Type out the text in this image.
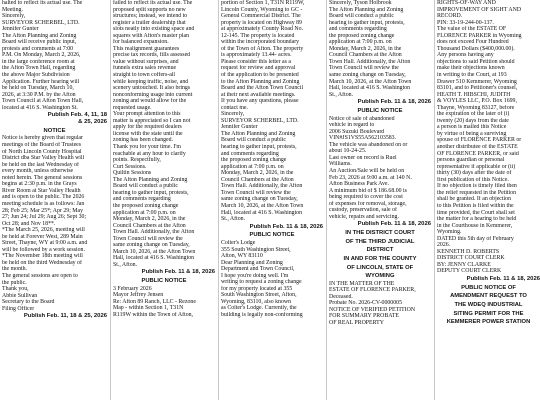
halted to reflect its actual use. The
Meeting.
Sincerely,
SURVEYOR SCHERBEL, LTD.
Jennifer Gunter
The Afton Planning and Zoning
Board will receive public input,
protests and comments at 7:00
P.M. On Monday, March 2, 2026,
in the large conference room at
the Afton Town Hall, regarding
the above Major Subdivision
Application. Further hearing will
be held on Tuesday, March 10,
2026, at 3:30 P.M. by the Afton
Town Council at Afton Town Hall,
located at 416 S. Washington St.
Publish Feb. 4, 11, 18
& 25, 2026
NOTICE
Notice is hereby given that regular
meetings of the Board of Trustees
of North Lincoln County Hospital
District dba Star Valley Health will
be held on the last Wednesday of
every month, unless otherwise
noted herein. The general sessions
begins at 2:30 p.m. in the Grays
River Room at Star Valley Health
and is open to the public. The 2026
meeting schedule is as follows: Jan
28; Feb 25; Mar 25*; Apr 29; May
27; Jun 24; Jul 29; Aug 26; Sept 30;
Oct 28; and Nov 18**.
*The March 25, 2026, meeting will
be held at Forever West, 289 Main
Street, Thayne, WY at 9:00 a.m. and
will be followed by a work session.
*The November 18th meeting will
be held on the third Wednesday of
the month.
The general sessions are open to
the public.
Thank you,
Abbie Sullivan
Secretary to the Board
Filing Officer
Publish Feb. 11, 18 & 25, 2026
failed to reflect its actual use. The
proposed split supports no new
structures; instead, we intend to
register a trailer dealership that
slots neatly into existing space and
squares with Afton's master plan
for balanced expansion.
This realignment guarantees
precise tax records, fills assessed
value without surprises, and
funnels extra sales revenue
straight to town coffers-all
while keeping traffic, noise, and
scenery untouched. It also brings
nonconforming usage into current
zoning and would allow for the
requested usage.
Your prompt attention to this
matter is appreciated so I can not
apply for the required dealers
license with the state until the
zoning has been changed.
Thank you for your time. I'm
reachable at any hour to clarify
points. Respectfully,
Curt Sessions.
Quiltin Sessions
The Afton Planning and Zoning
Board will conduct a public
hearing to gather input, protests,
and comments regarding
the proposed zoning change
application at 7:00 p.m. on
Monday, March 2, 2026, in the
Council Chambers at the Afton
Town Hall. Additionally, the Afton
Town Council will review the
same zoning change on Tuesday,
March 10, 2026, at the Afton Town
Hall, located at 416 S. Washington
St., Afton.
Publish Feb. 11 & 18, 2026
PUBLIC NOTICE
3 February 2026
Mayor Jeffrey Jensen
Re: Afton 89 Ranch, LLC - Rezone
Map - within Section 1, T31N
R119W within the Town of Afton,
portion of Section 1, T31N R119W,
Lincoln County, Wyoming to GC -
General Commercial District. The
property is located on Highway 89
at approximately County Road No.
12-145. The property is located
within the incorporated boundary
of the Town of Afton. The property
is approximately 13.44- acres.
Please consider this letter as a
request for review and approval
of the application to be presented
to the Afton Planning and Zoning
Board and the Afton Town Council
at their next available meetings.
If you have any questions, please
contact me.
Sincerely,
SURVEYOR SCHERBEL, LTD.
Jennifer Gunter
The Afton Planning and Zoning
Board will conduct a public
hearing to gather input, protests,
and comments regarding
the proposed zoning change
application at 7:00 p.m. on
Monday, March 2, 2026, in the
Council Chambers at the Afton
Town Hall. Additionally, the Afton
Town Council will review the
same zoning change on Tuesday,
March 10, 2026, at the Afton Town
Hall, located at 416 S. Washington
St., Afton.
Publish Feb. 11 & 18, 2026
PUBLIC NOTICE
Colter's Lodge
355 South Washington Street,
Afton, WY 83110
Dear Planning and Zoning
Department and Town Council,
I hope you're doing well. I'm
writing to request a zoning change
for my property located at 355
South Washington Street, Afton,
Wyoming, 83110, also known
as Colter's Lodge. Currently, the
building is legally non-conforming
Sincerely, Tyson Holbrook
The Afton Planning and Zoning
Board will conduct a public
hearing to gather input, protests,
and comments regarding
the proposed zoning change
application at 7:00 p.m. on
Monday, March 2, 2026, in the
Council Chambers at the Afton
Town Hall. Additionally, the Afton
Town Council will review the
same zoning change on Tuesday,
March 10, 2026, at the Afton Town
Hall, located at 416 S. Washington
St., Afton.
Publish Feb. 11 & 18, 2026
PUBLIC NOTICE
Notice of sale of abandoned
vehicle in regard to
2006 Suzuki Boulevard
VIN#JS1VS55A562103583.
The vehicle was abandoned on or
about 10-24-25.
Last owner on record is Ruel
Williams.
An Auction/Sale will be held on
Feb 23, 2026 at 9:00 a.m. at 140 N.
Afton Business Park Ave.
A minimum bid of $ 186.68.00 is
being required to cover the cost
of expenses for removal, storage,
custody, preservation, sale of
vehicle, repairs and servicing.
Publish Feb. 11 & 18, 2026
IN THE DISTRICT COURT
OF THE THIRD JUDICIAL
DISTRICT
IN AND FOR THE COUNTY
OF LINCOLN, STATE OF
WYOMING
IN THE MATTER OF THE
ESTATE OF FLORENCE PARKER,
Deceased.
Probate No. 2026-CV-0000005
NOTICE OF VERIFIED PETITION
FOR SUMMARY PROBATE
OF REAL PROPERTY
RIGHTS-OF-WAY AND
IMPROVEMENT OF SIGHT AND
RECORD.
PIN: 33-19-244-00-137.
The value of the ESTATE OF
FLORENCE PARKER in Wyoming
does not exceed Four Hundred
Thousand Dollars ($400,000.00).
Any persons having any
objections to said Petition should
make their objections known
in writing to the Court, at 193
Drawer 510 Kemmerer, Wyoming
83101, and to Petitioner's counsel,
HEATH T. HIBSCHI, JUDITH
& VOYLES LLC, P.O. Box 1699,
Thayne, Wyoming 83127, before
the expiration of the later of (i)
twenty (20) days from the date
a person is mailed this Notice
by virtue of being a surviving
spouse of FLORENCE PARKER or
another distributee of the ESTATE
OF FLORENCE PARKER, or said
persons guardian or personal
representative if applicable or (ii)
thirty (30) days after the date of
first publication of this Notice.
If no objection is timely filed then
the relief requested in the Petition
shall be granted. If an objection
to this Petition is filed within the
time provided, the Court shall set
the matter for a hearing to be held
in the Courthouse in Kemmerer,
Wyoming.
DATED this 5th day of February
2026.
KENNETH D. ROBERTS
DISTRICT COURT CLERK
BY: JENNY CLARKE
DEPUTY COURT CLERK
Publish Feb. 11 & 18, 2026
PUBLIC NOTICE OF
AMENDMENT REQUEST TO
THE WDEQ INDUSTRIAL
SITING PERMIT FOR THE
KEMMERER POWER STATION
